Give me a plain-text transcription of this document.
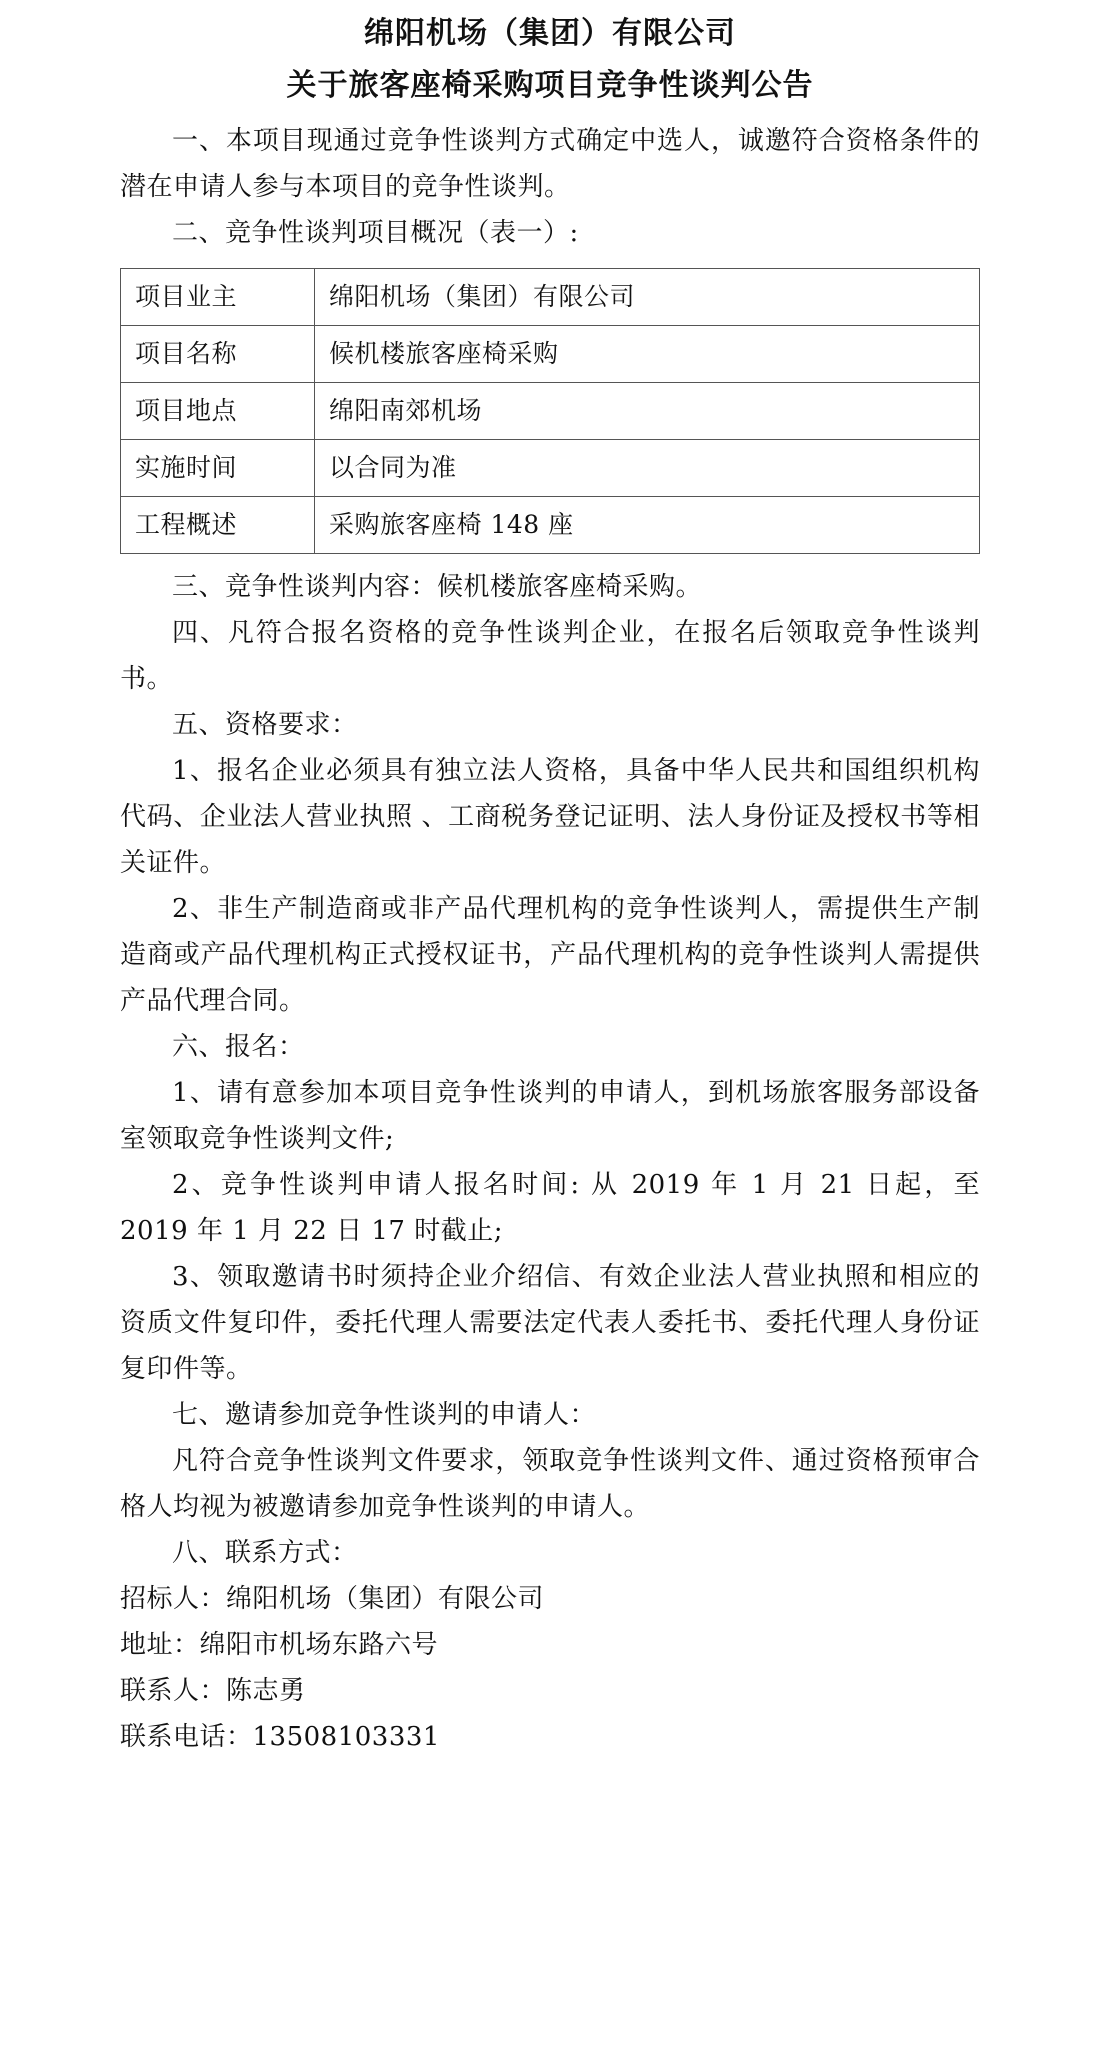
绵阳机场（集团）有限公司
关于旅客座椅采购项目竞争性谈判公告

一、本项目现通过竞争性谈判方式确定中选人，诚邀符合资格条件的潜在申请人参与本项目的竞争性谈判。

二、竞争性谈判项目概况（表一）:

项目业主	绵阳机场（集团）有限公司
项目名称	候机楼旅客座椅采购
项目地点	绵阳南郊机场
实施时间	以合同为准
工程概述	采购旅客座椅 148 座

三、竞争性谈判内容：候机楼旅客座椅采购。

四、凡符合报名资格的竞争性谈判企业，在报名后领取竞争性谈判书。

五、资格要求：

1、报名企业必须具有独立法人资格，具备中华人民共和国组织机构代码、企业法人营业执照 、工商税务登记证明、法人身份证及授权书等相关证件。

2、非生产制造商或非产品代理机构的竞争性谈判人，需提供生产制造商或产品代理机构正式授权证书，产品代理机构的竞争性谈判人需提供产品代理合同。

六、报名：

1、请有意参加本项目竞争性谈判的申请人，到机场旅客服务部设备室领取竞争性谈判文件;

2、竞争性谈判申请人报名时间: 从 2019 年 1 月 21 日起，至 2019 年 1 月 22 日 17 时截止;

3、领取邀请书时须持企业介绍信、有效企业法人营业执照和相应的资质文件复印件，委托代理人需要法定代表人委托书、委托代理人身份证复印件等。

七、邀请参加竞争性谈判的申请人：

凡符合竞争性谈判文件要求，领取竞争性谈判文件、通过资格预审合格人均视为被邀请参加竞争性谈判的申请人。

八、联系方式：

招标人：绵阳机场（集团）有限公司

地址：绵阳市机场东路六号

联系人：陈志勇

联系电话：13508103331
